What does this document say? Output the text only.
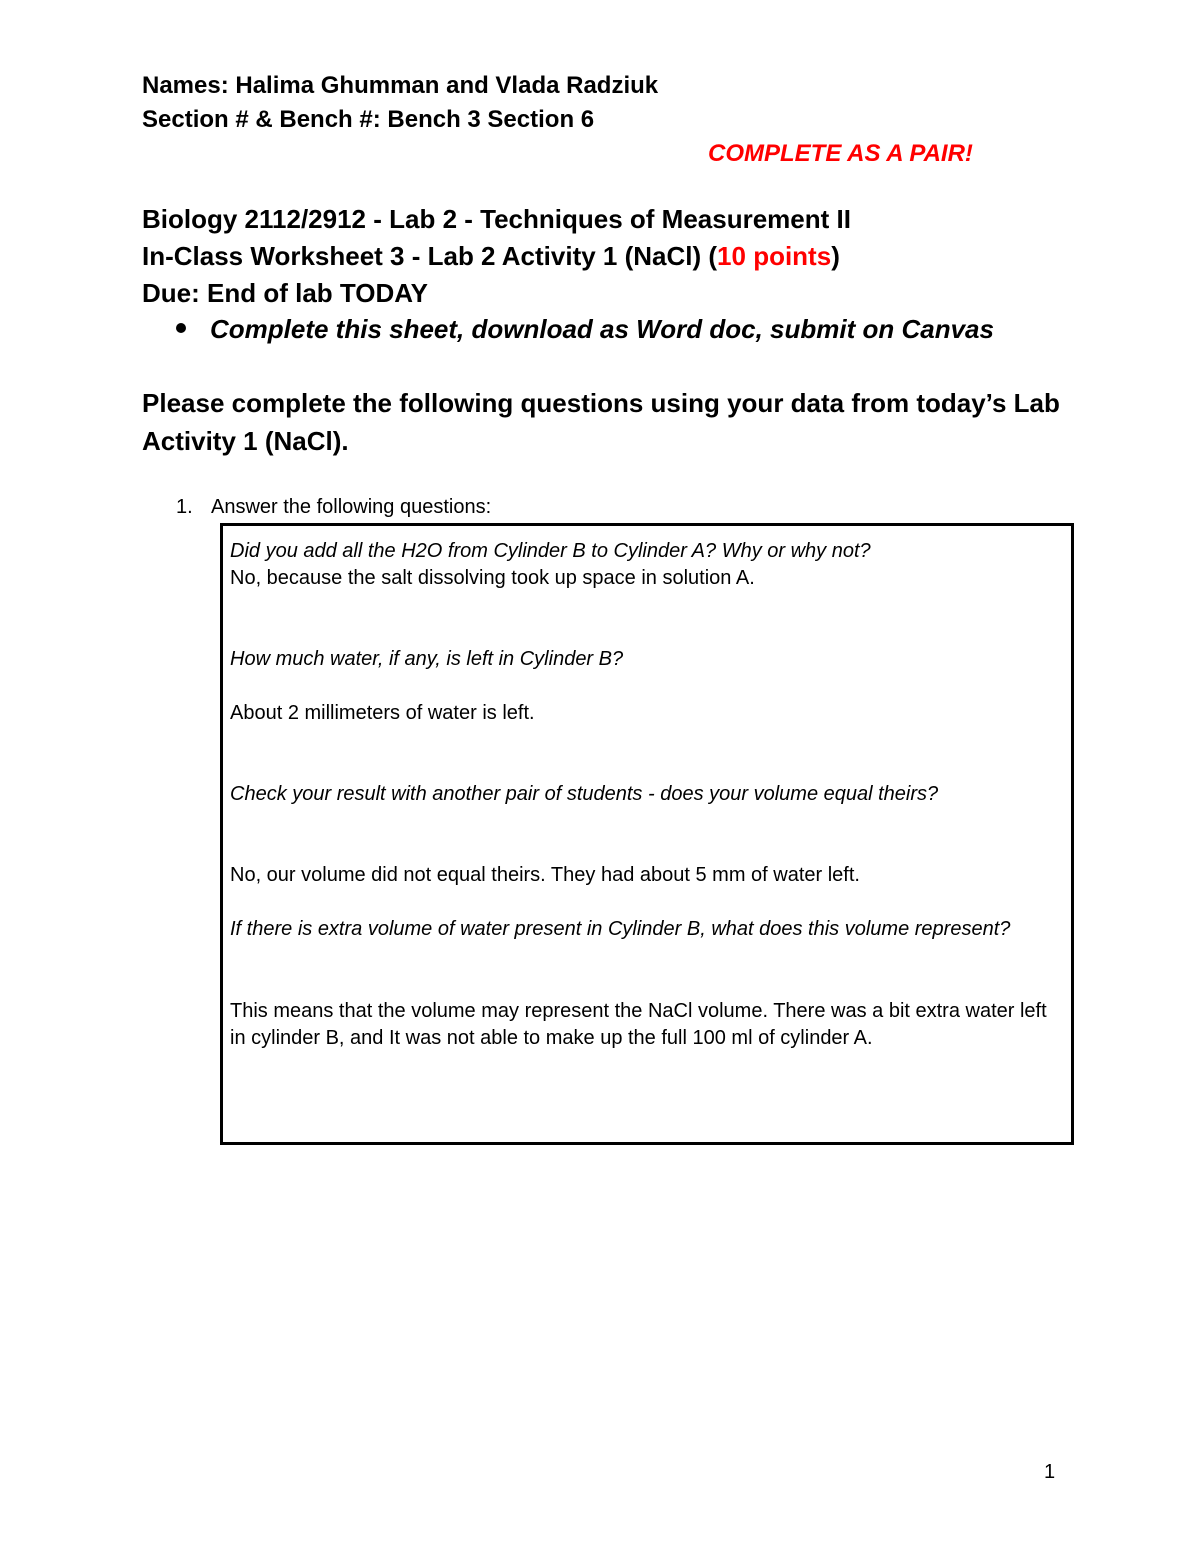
Names: Halima Ghumman and Vlada Radziuk
Section # & Bench #: Bench 3 Section 6
COMPLETE AS A PAIR!
Biology 2112/2912 - Lab 2 - Techniques of Measurement II
In-Class Worksheet 3 - Lab 2 Activity 1 (NaCl) (10 points)
Due: End of lab TODAY
Complete this sheet, download as Word doc, submit on Canvas
Please complete the following questions using your data from today’s Lab Activity 1 (NaCl).
1. Answer the following questions:
Did you add all the H2O from Cylinder B to Cylinder A? Why or why not?
No, because the salt dissolving took up space in solution A.
How much water, if any, is left in Cylinder B?
About 2 millimeters of water is left.
Check your result with another pair of students - does your volume equal theirs?
No, our volume did not equal theirs. They had about 5 mm of water left.
If there is extra volume of water present in Cylinder B, what does this volume represent?
This means that the volume may represent the NaCl volume. There was a bit extra water left in cylinder B, and It was not able to make up the full 100 ml of cylinder A.
1
